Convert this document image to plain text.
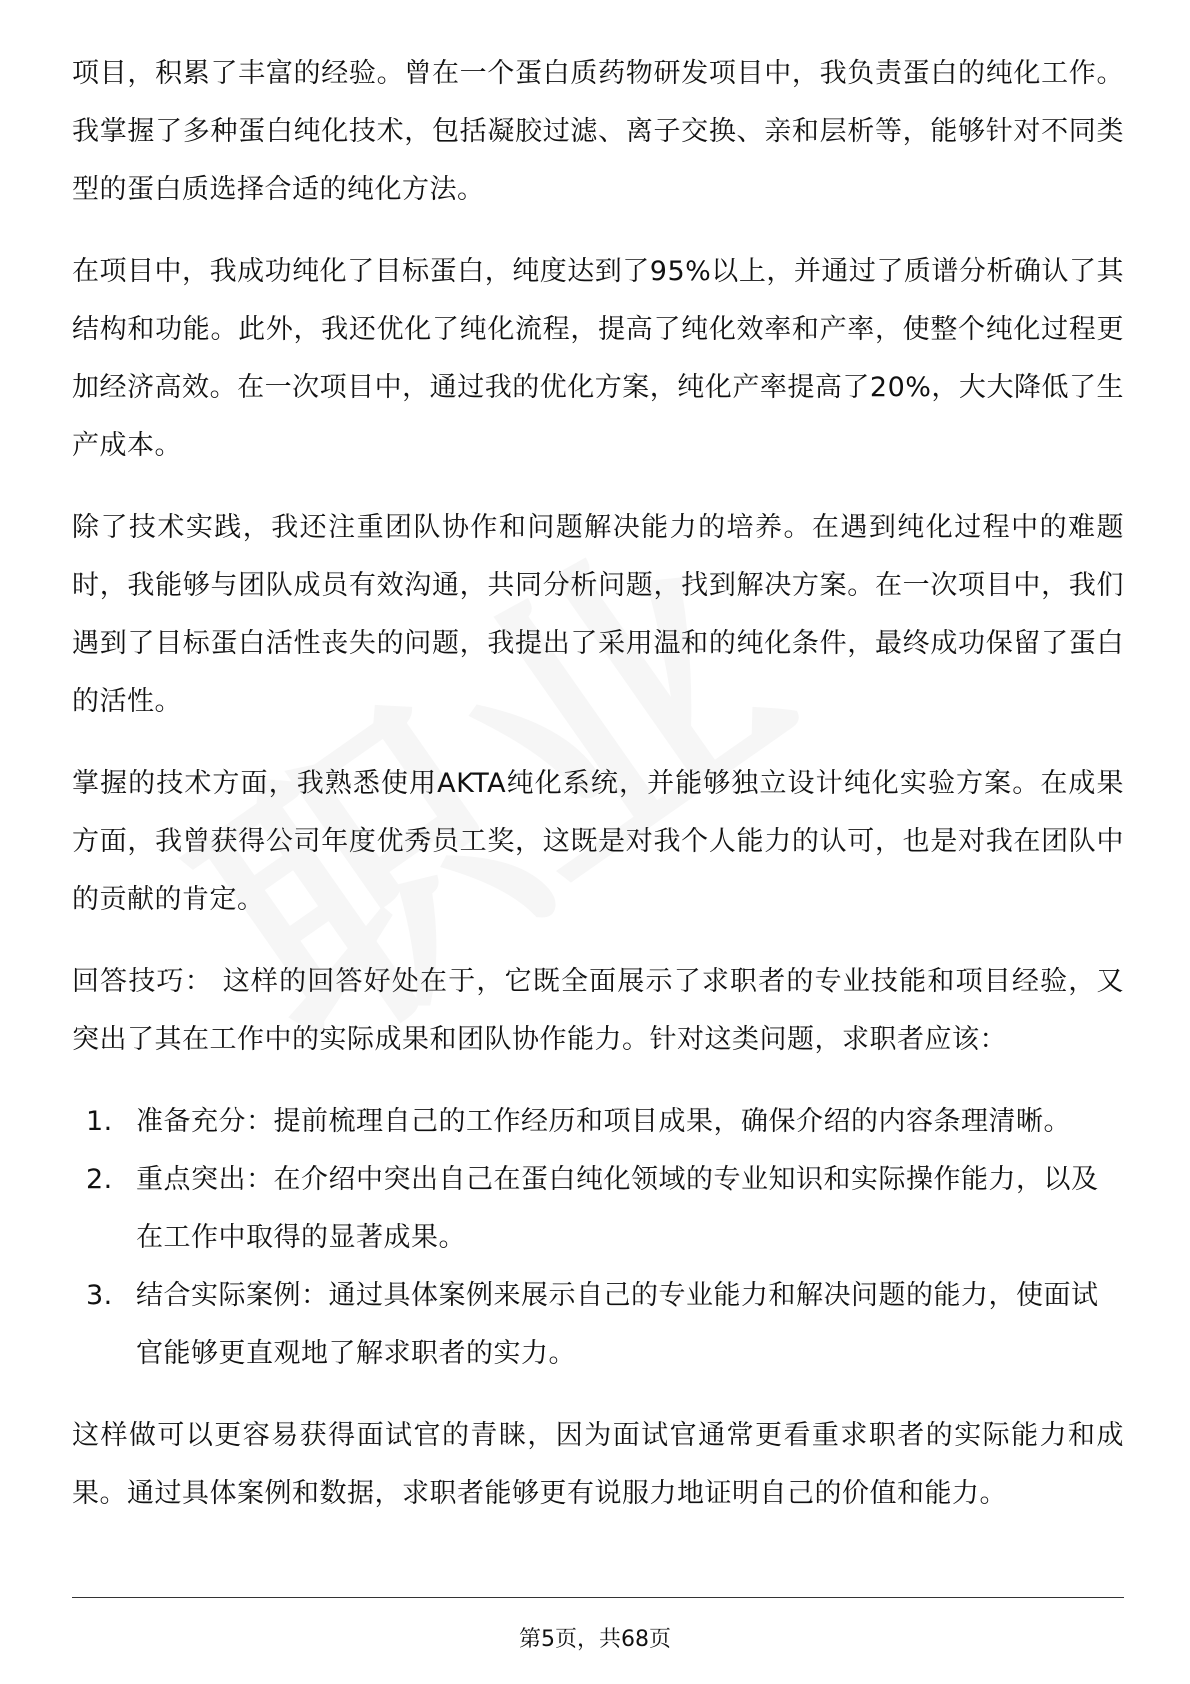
项目，积累了丰富的经验。曾在一个蛋白质药物研发项目中，我负责蛋白的纯化工作。我掌握了多种蛋白纯化技术，包括凝胶过滤、离子交换、亲和层析等，能够针对不同类型的蛋白质选择合适的纯化方法。

在项目中，我成功纯化了目标蛋白，纯度达到了95%以上，并通过了质谱分析确认了其结构和功能。此外，我还优化了纯化流程，提高了纯化效率和产率，使整个纯化过程更加经济高效。在一次项目中，通过我的优化方案，纯化产率提高了20%，大大降低了生产成本。

除了技术实践，我还注重团队协作和问题解决能力的培养。在遇到纯化过程中的难题时，我能够与团队成员有效沟通，共同分析问题，找到解决方案。在一次项目中，我们遇到了目标蛋白活性丧失的问题，我提出了采用温和的纯化条件，最终成功保留了蛋白的活性。

掌握的技术方面，我熟悉使用AKTA纯化系统，并能够独立设计纯化实验方案。在成果方面，我曾获得公司年度优秀员工奖，这既是对我个人能力的认可，也是对我在团队中的贡献的肯定。

回答技巧： 这样的回答好处在于，它既全面展示了求职者的专业技能和项目经验，又突出了其在工作中的实际成果和团队协作能力。针对这类问题，求职者应该：

1. 准备充分：提前梳理自己的工作经历和项目成果，确保介绍的内容条理清晰。
2. 重点突出：在介绍中突出自己在蛋白纯化领域的专业知识和实际操作能力，以及在工作中取得的显著成果。
3. 结合实际案例：通过具体案例来展示自己的专业能力和解决问题的能力，使面试官能够更直观地了解求职者的实力。

这样做可以更容易获得面试官的青睐，因为面试官通常更看重求职者的实际能力和成果。通过具体案例和数据，求职者能够更有说服力地证明自己的价值和能力。

第5页，共68页
